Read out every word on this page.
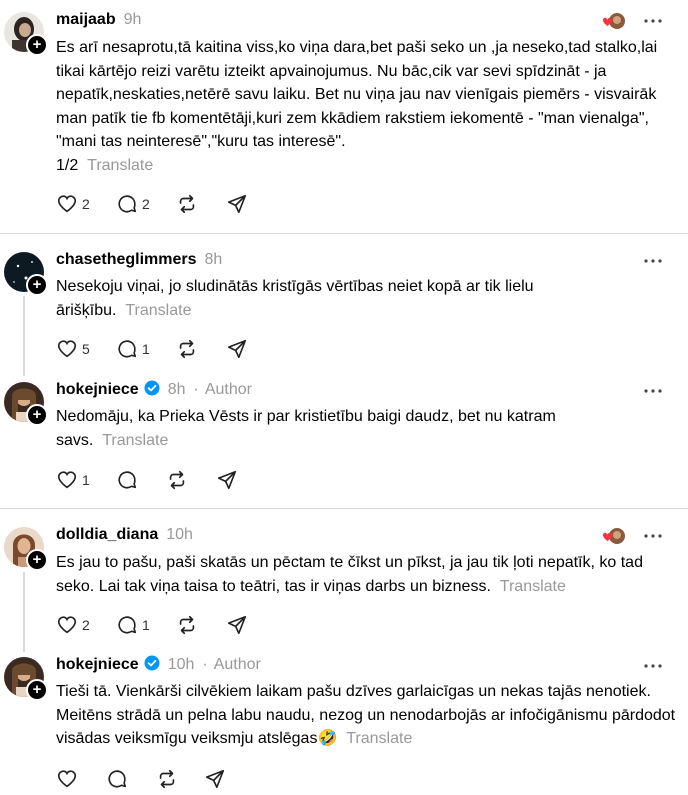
+
maijaab 9h
Es arī nesaprotu,tā kaitina viss,ko viņa dara,bet paši seko un ,ja neseko,tad stalko,lai tikai kārtējo reizi varētu izteikt apvainojumus. Nu bāc,cik var sevi spīdzināt - ja nepatīk,neskaties,netērē savu laiku. Bet nu viņa jau nav vienīgais piemērs - visvairāk man patīk tie fb komentētāji,kuri zem kkādiem rakstiem iekomentē - "man vienalga", "mani tas neinteresē","kuru tas interesē".
1/2 Translate
2	2
+
chasetheglimmers 8h
Nesekoju viņai, jo sludinātās kristīgās vērtības neiet kopā ar tik lielu ārišķību. Translate
5	1
+
hokejniece 8h · Author
Nedomāju, ka Prieka Vēsts ir par kristietību baigi daudz, bet nu katram savs. Translate
1
+
dolldia_diana 10h
Es jau to pašu, paši skatās un pēctam te čīkst un pīkst, ja jau tik ļoti nepatīk, ko tad seko. Lai tak viņa taisa to teātri, tas ir viņas darbs un bizness. Translate
2	1
+
hokejniece 10h · Author
Tieši tā. Vienkārši cilvēkiem laikam pašu dzīves garlaicīgas un nekas tajās nenotiek. Meitēns strādā un pelna labu naudu, nezog un nenodarbojās ar infočigānismu pārdodot visādas veiksmīgu veiksmju atslēgas🤣 Translate
